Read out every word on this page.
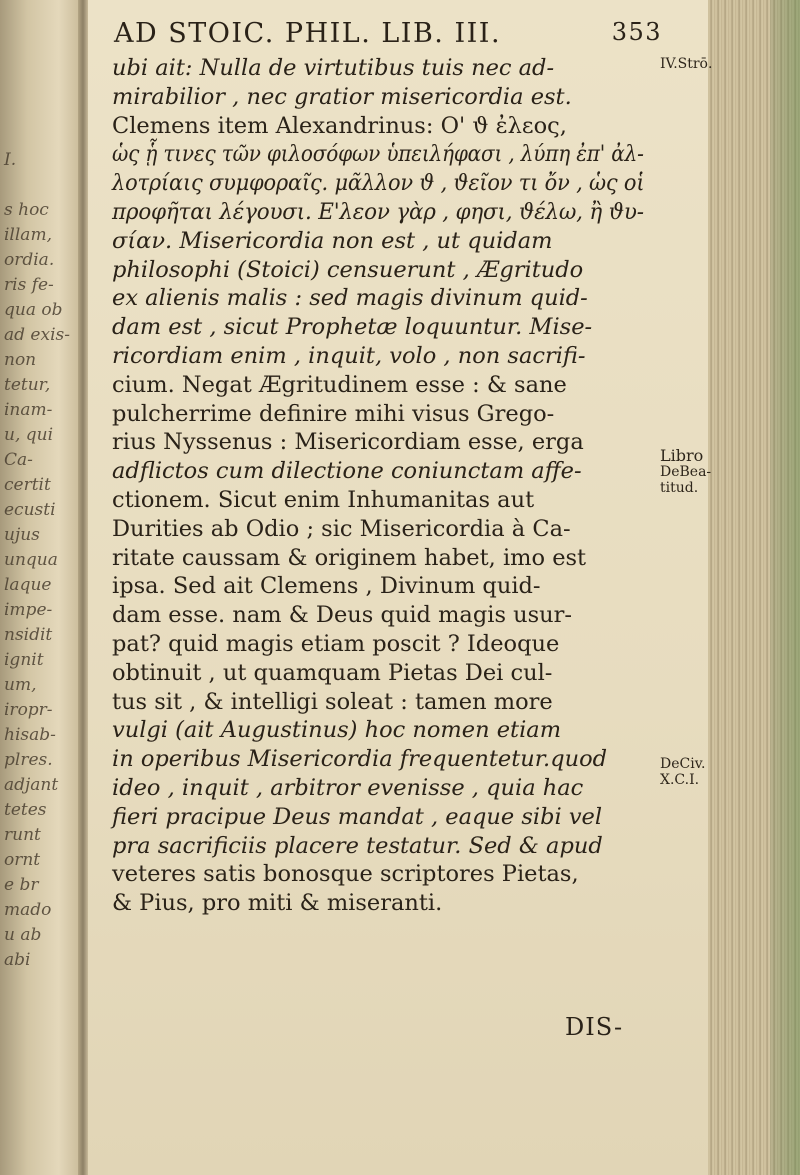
I.
s hoc
illam,
ordia.
ris fe-
qua ob
ad exis-
non
tetur,
inam-
u, qui
Ca-
certit
ecusti
ujus
unqua
laque
impe-
nsidit
ignit
um,
iropr-
hisab-
plres.
adjant
tetes
runt
ornt
e br
mado
u ab
abi
AD STOIC. PHIL. LIB. III.	353
ubi ait: Nulla de virtutibus tuis nec ad-
mirabilior , nec gratior misericordia est.
Clemens item Alexandrinus: Ο' ϑ ἐλεος,
ὡς ᾗ τινες τῶν φιλοσόφων ὑπειλήφασι , λύπη ἐπ' ἀλ-
λοτρίαις συμφοραῖς. μᾶλλον ϑ , ϑεῖον τι ὄν , ὡς οἱ
προφῆται λέγουσι. Ε'λεον γὰρ , φησι, ϑέλω, ἢ ϑυ-
σίαν. Misericordia non est , ut quidam
philosophi (Stoici) censuerunt , Ægritudo
ex alienis malis : sed magis divinum quid-
dam est , sicut Prophetæ loquuntur. Mise-
ricordiam enim , inquit, volo , non sacrifi-
cium. Negat Ægritudinem esse : & sane
pulcherrime definire mihi visus Grego-
rius Nyssenus : Misericordiam esse, erga
adflictos cum dilectione coniunctam affe-
ctionem. Sicut enim Inhumanitas aut
Durities ab Odio ; sic Misericordia à Ca-
ritate caussam & originem habet, imo est
ipsa. Sed ait Clemens , Divinum quid-
dam esse. nam & Deus quid magis usur-
pat? quid magis etiam poscit ? Ideoque
obtinuit , ut quamquam Pietas Dei cul-
tus sit , & intelligi soleat : tamen more
vulgi (ait Augustinus) hoc nomen etiam
in operibus Misericordia frequentetur.quod
ideo , inquit , arbitror evenisse , quia hac
fieri pracipue Deus mandat , eaque sibi vel
pra sacrificiis placere testatur. Sed & apud
veteres satis bonosque scriptores Pietas,
& Pius, pro miti & miseranti.
IV.Strō.
Libro
DeBea-
titud.
DeCiv.
X.C.I.
DIS-
